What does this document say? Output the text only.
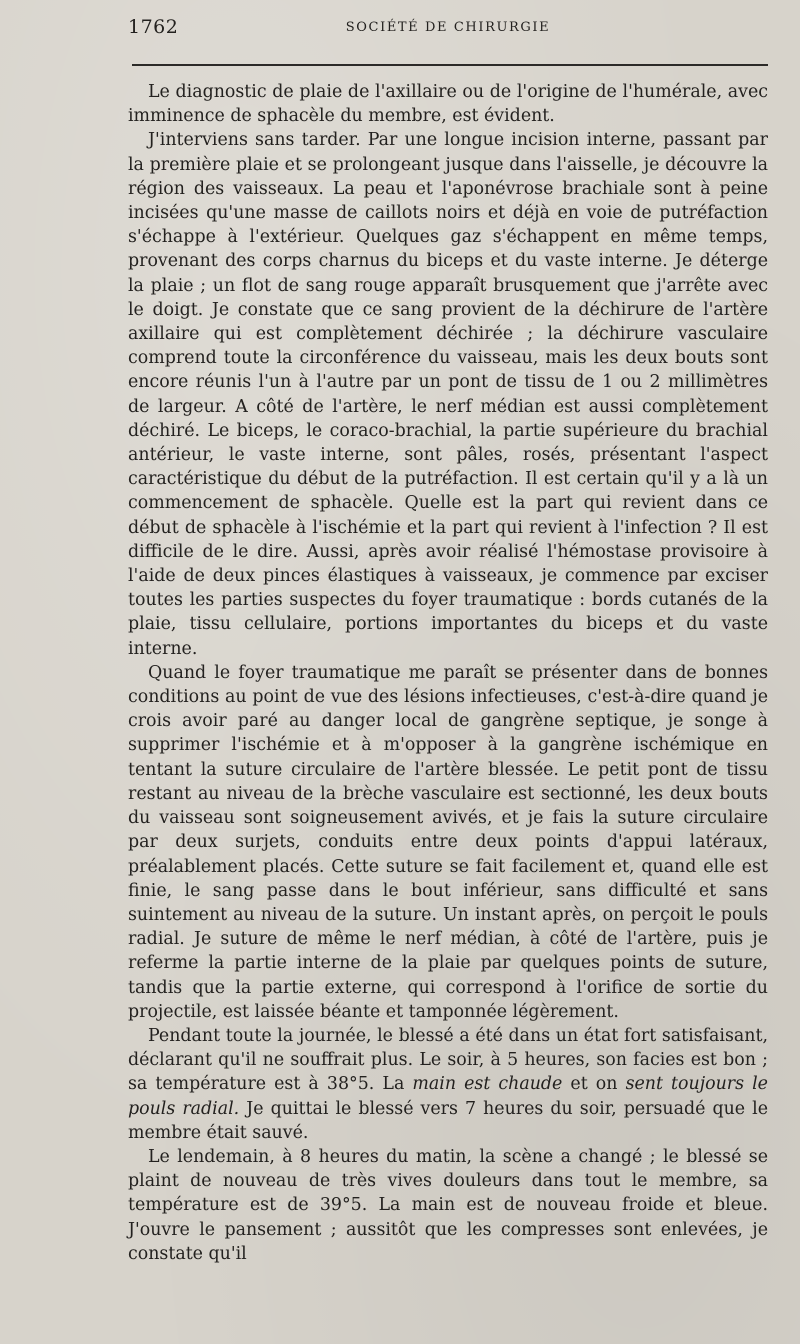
1762	SOCIÉTÉ DE CHIRURGIE

Le diagnostic de plaie de l'axillaire ou de l'origine de l'humérale, avec imminence de sphacèle du membre, est évident.

J'interviens sans tarder. Par une longue incision interne, passant par la première plaie et se prolongeant jusque dans l'aisselle, je découvre la région des vaisseaux. La peau et l'aponévrose brachiale sont à peine incisées qu'une masse de caillots noirs et déjà en voie de putréfaction s'échappe à l'extérieur. Quelques gaz s'échappent en même temps, provenant des corps charnus du biceps et du vaste interne. Je déterge la plaie ; un flot de sang rouge apparaît brusquement que j'arrête avec le doigt. Je constate que ce sang provient de la déchirure de l'artère axillaire qui est complètement déchirée ; la déchirure vasculaire comprend toute la circonférence du vaisseau, mais les deux bouts sont encore réunis l'un à l'autre par un pont de tissu de 1 ou 2 millimètres de largeur. A côté de l'artère, le nerf médian est aussi complètement déchiré. Le biceps, le coraco-brachial, la partie supérieure du brachial antérieur, le vaste interne, sont pâles, rosés, présentant l'aspect caractéristique du début de la putréfaction. Il est certain qu'il y a là un commencement de sphacèle. Quelle est la part qui revient dans ce début de sphacèle à l'ischémie et la part qui revient à l'infection ? Il est difficile de le dire. Aussi, après avoir réalisé l'hémostase provisoire à l'aide de deux pinces élastiques à vaisseaux, je commence par exciser toutes les parties suspectes du foyer traumatique : bords cutanés de la plaie, tissu cellulaire, portions importantes du biceps et du vaste interne.

Quand le foyer traumatique me paraît se présenter dans de bonnes conditions au point de vue des lésions infectieuses, c'est-à-dire quand je crois avoir paré au danger local de gangrène septique, je songe à supprimer l'ischémie et à m'opposer à la gangrène ischémique en tentant la suture circulaire de l'artère blessée. Le petit pont de tissu restant au niveau de la brèche vasculaire est sectionné, les deux bouts du vaisseau sont soigneusement avivés, et je fais la suture circulaire par deux surjets, conduits entre deux points d'appui latéraux, préalablement placés. Cette suture se fait facilement et, quand elle est finie, le sang passe dans le bout inférieur, sans difficulté et sans suintement au niveau de la suture. Un instant après, on perçoit le pouls radial. Je suture de même le nerf médian, à côté de l'artère, puis je referme la partie interne de la plaie par quelques points de suture, tandis que la partie externe, qui correspond à l'orifice de sortie du projectile, est laissée béante et tamponnée légèrement.

Pendant toute la journée, le blessé a été dans un état fort satisfaisant, déclarant qu'il ne souffrait plus. Le soir, à 5 heures, son facies est bon ; sa température est à 38°5. La main est chaude et on sent toujours le pouls radial. Je quittai le blessé vers 7 heures du soir, persuadé que le membre était sauvé.

Le lendemain, à 8 heures du matin, la scène a changé ; le blessé se plaint de nouveau de très vives douleurs dans tout le membre, sa température est de 39°5. La main est de nouveau froide et bleue. J'ouvre le pansement ; aussitôt que les compresses sont enlevées, je constate qu'il
